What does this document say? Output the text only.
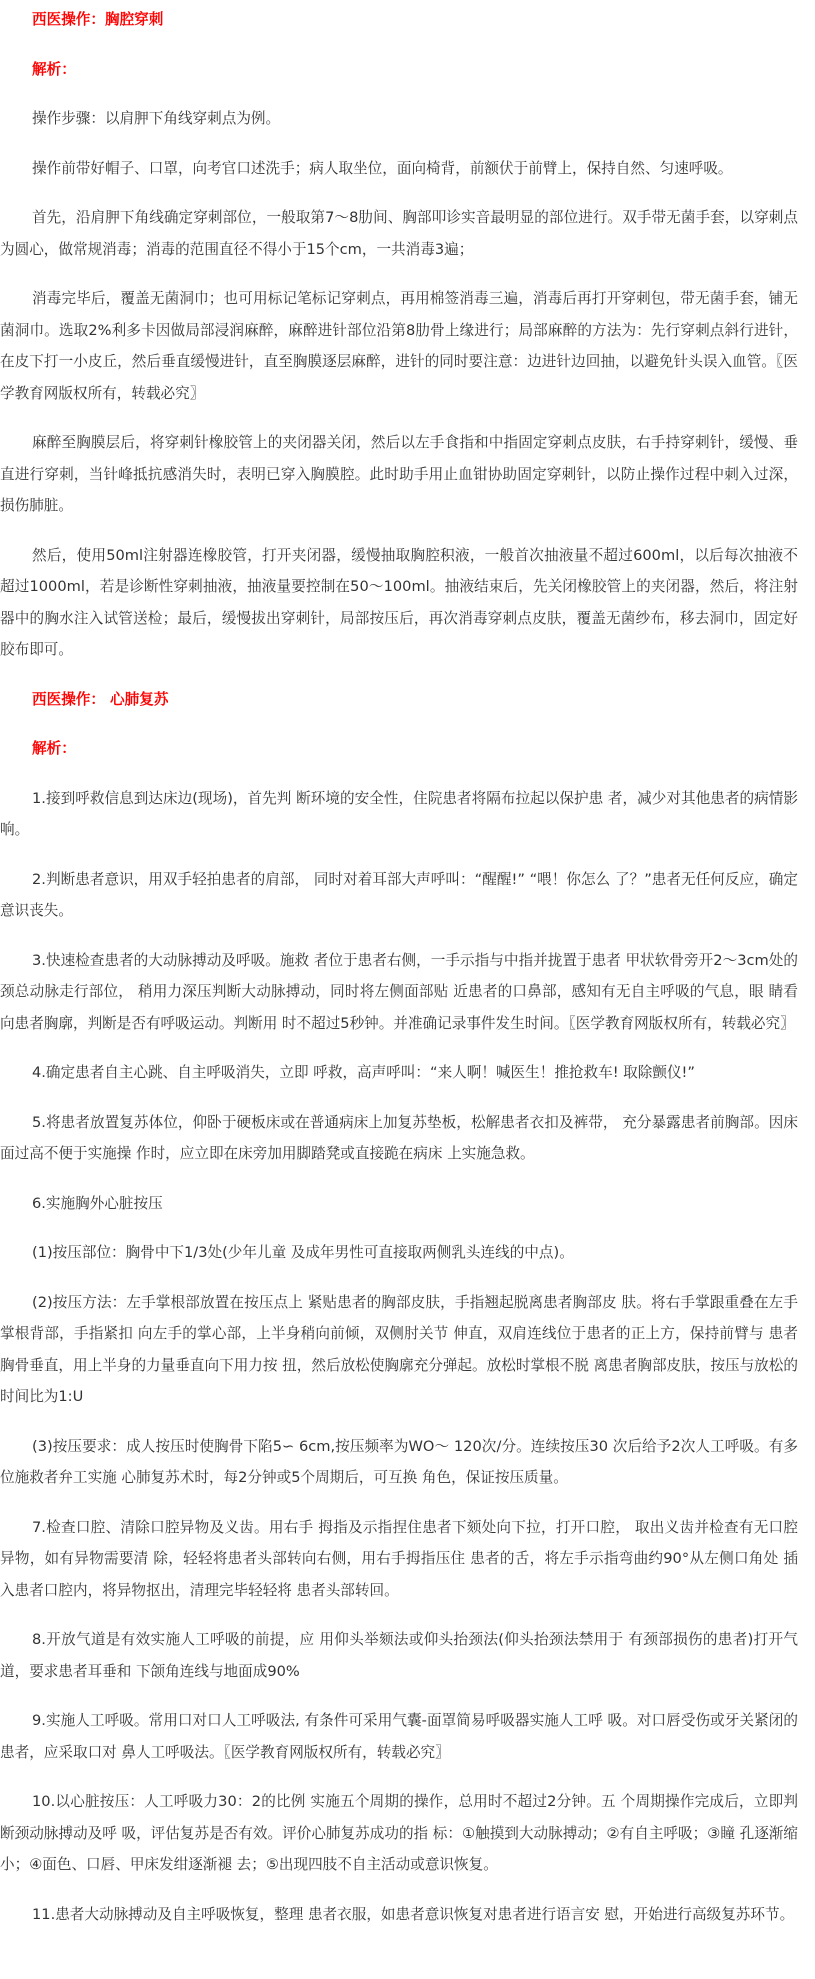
西医操作：胸腔穿刺

解析：

操作步骤：以肩胛下角线穿刺点为例。

操作前带好帽子、口罩，向考官口述洗手；病人取坐位，面向椅背，前额伏于前臂上，保持自然、匀速呼吸。

首先，沿肩胛下角线确定穿刺部位，一般取第7～8肋间、胸部叩诊实音最明显的部位进行。双手带无菌手套，以穿刺点为圆心，做常规消毒；消毒的范围直径不得小于15个cm，一共消毒3遍；

消毒完毕后，覆盖无菌洞巾；也可用标记笔标记穿刺点，再用棉签消毒三遍，消毒后再打开穿刺包，带无菌手套，铺无菌洞巾。选取2%利多卡因做局部浸润麻醉，麻醉进针部位沿第8肋骨上缘进行；局部麻醉的方法为：先行穿刺点斜行进针，在皮下打一小皮丘，然后垂直缓慢进针，直至胸膜逐层麻醉，进针的同时要注意：边进针边回抽，以避免针头误入血管。〖医学教育网版权所有，转载必究〗

麻醉至胸膜层后，将穿刺针橡胶管上的夹闭器关闭，然后以左手食指和中指固定穿刺点皮肤，右手持穿刺针，缓慢、垂直进行穿刺，当针峰抵抗感消失时，表明已穿入胸膜腔。此时助手用止血钳协助固定穿刺针，以防止操作过程中刺入过深，损伤肺脏。

然后，使用50ml注射器连橡胶管，打开夹闭器，缓慢抽取胸腔积液，一般首次抽液量不超过600ml，以后每次抽液不超过1000ml，若是诊断性穿刺抽液，抽液量要控制在50～100ml。抽液结束后，先关闭橡胶管上的夹闭器，然后，将注射器中的胸水注入试管送检；最后，缓慢拔出穿刺针，局部按压后，再次消毒穿刺点皮肤，覆盖无菌纱布，移去洞巾，固定好胶布即可。

西医操作： 心肺复苏

解析：

1.接到呼救信息到达床边(现场)，首先判 断环境的安全性，住院患者将隔布拉起以保护患 者，减少对其他患者的病情影响。

2.判断患者意识，用双手轻拍患者的肩部， 同时对着耳部大声呼叫：“醒醒!” “喂！你怎么 了？”患者无任何反应，确定意识丧失。

3.快速检查患者的大动脉搏动及呼吸。施救 者位于患者右侧，一手示指与中指并拢置于患者 甲状软骨旁开2～3cm处的颈总动脉走行部位， 稍用力深压判断大动脉搏动，同时将左侧面部贴 近患者的口鼻部，感知有无自主呼吸的气息，眼 睛看向患者胸廓，判断是否有呼吸运动。判断用 时不超过5秒钟。并准确记录事件发生时间。〖医学教育网版权所有，转载必究〗

4.确定患者自主心跳、自主呼吸消失，立即 呼救，高声呼叫：“来人啊！喊医生！推抢救车! 取除颤仪!”

5.将患者放置复苏体位，仰卧于硬板床或在普通病床上加复苏垫板，松解患者衣扣及裤带， 充分暴露患者前胸部。因床面过高不便于实施操 作时，应立即在床旁加用脚踏凳或直接跪在病床 上实施急救。

6.实施胸外心脏按压

(1)按压部位：胸骨中下1/3处(少年儿童 及成年男性可直接取两侧乳头连线的中点)。

(2)按压方法：左手掌根部放置在按压点上 紧贴患者的胸部皮肤，手指翘起脱离患者胸部皮 肤。将右手掌跟重叠在左手掌根背部，手指紧扣 向左手的掌心部，上半身稍向前倾，双侧肘关节 伸直，双肩连线位于患者的正上方，保持前臂与 患者胸骨垂直，用上半身的力量垂直向下用力按 扭，然后放松使胸廓充分弹起。放松时掌根不脱 离患者胸部皮肤，按压与放松的时间比为1:U

(3)按压要求：成人按压时使胸骨下陷5∽ 6cm,按压频率为WO～ 120次/分。连续按压30 次后给予2次人工呼吸。有多位施救者弁工实施 心肺复苏术时，每2分钟或5个周期后，可互换 角色，保证按压质量。

7.检查口腔、清除口腔异物及义齿。用右手 拇指及示指捏住患者下颏处向下拉，打开口腔， 取出义齿并检查有无口腔异物，如有异物需要清 除，轻轻将患者头部转向右侧，用右手拇指压住 患者的舌，将左手示指弯曲约90°从左侧口角处 插入患者口腔内，将异物抠出，清理完毕轻轻将 患者头部转回。

8.开放气道是有效实施人工呼吸的前提，应 用仰头举颏法或仰头抬颈法(仰头抬颈法禁用于 有颈部损伤的患者)打开气道，要求患者耳垂和 下颌角连线与地面成90%

9.实施人工呼吸。常用口对口人工呼吸法, 有条件可采用气囊-面罩简易呼吸器实施人工呼 吸。对口唇受伤或牙关紧闭的患者，应采取口对 鼻人工呼吸法。〖医学教育网版权所有，转载必究〗

10.以心脏按压：人工呼吸力30：2的比例 实施五个周期的操作，总用时不超过2分钟。五 个周期操作完成后，立即判断颈动脉搏动及呼 吸，评估复苏是否有效。评价心肺复苏成功的指 标：①触摸到大动脉搏动；②有自主呼吸；③瞳 孔逐渐缩小；④面色、口唇、甲床发绀逐渐褪 去；⑤出现四肢不自主活动或意识恢复。

11.患者大动脉搏动及自主呼吸恢复，整理 患者衣服，如患者意识恢复对患者进行语言安 慰，开始进行高级复苏环节。
